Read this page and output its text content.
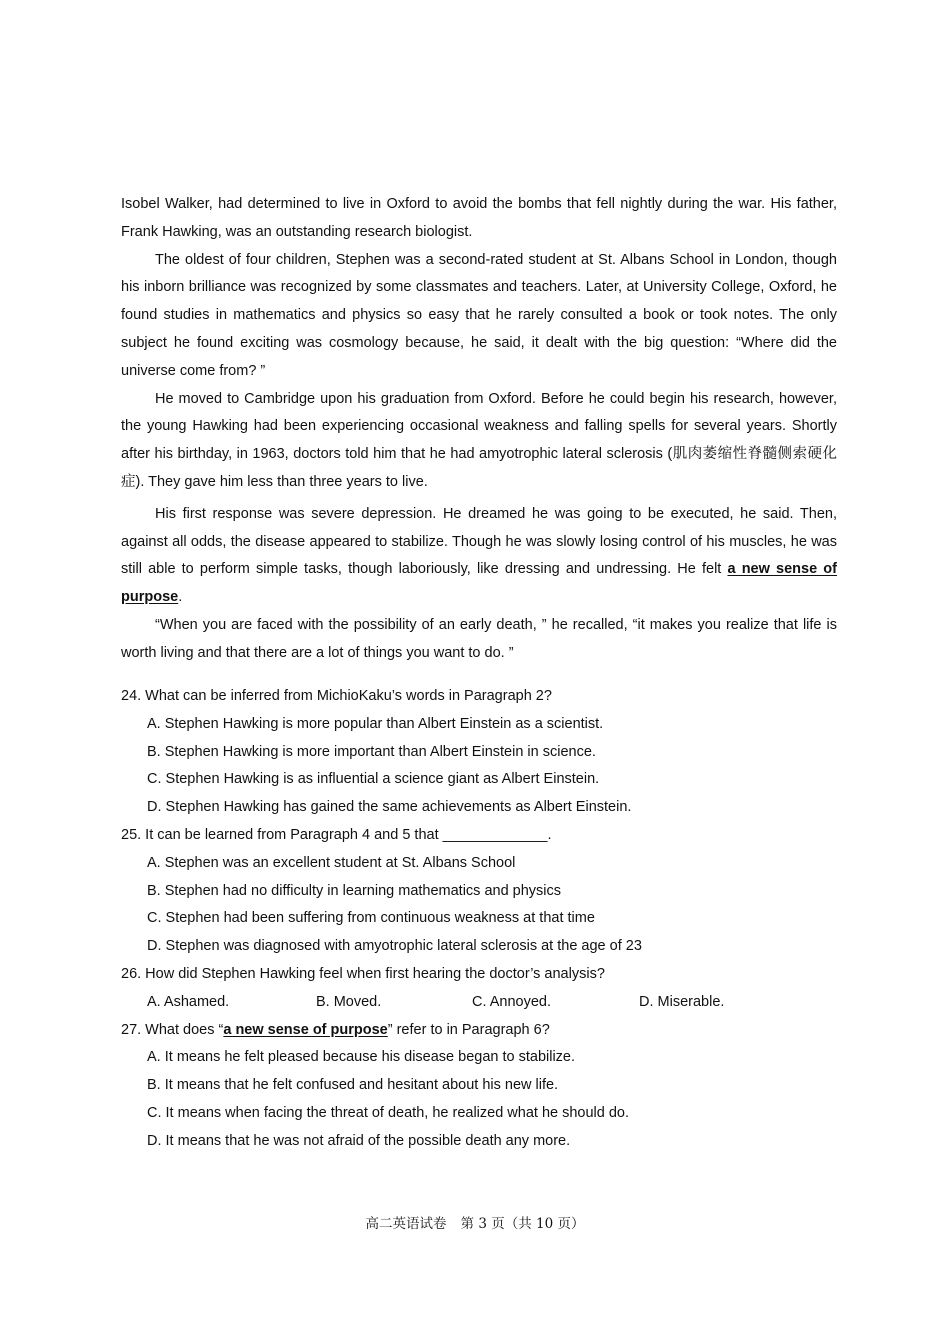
Isobel Walker, had determined to live in Oxford to avoid the bombs that fell nightly during the war. His father, Frank Hawking, was an outstanding research biologist.

The oldest of four children, Stephen was a second-rated student at St. Albans School in London, though his inborn brilliance was recognized by some classmates and teachers. Later, at University College, Oxford, he found studies in mathematics and physics so easy that he rarely consulted a book or took notes. The only subject he found exciting was cosmology because, he said, it dealt with the big question: “Where did the universe come from? ”

He moved to Cambridge upon his graduation from Oxford. Before he could begin his research, however, the young Hawking had been experiencing occasional weakness and falling spells for several years. Shortly after his birthday, in 1963, doctors told him that he had amyotrophic lateral sclerosis (肌肉萎缩性脊髓侧索硬化症). They gave him less than three years to live.

His first response was severe depression. He dreamed he was going to be executed, he said. Then, against all odds, the disease appeared to stabilize. Though he was slowly losing control of his muscles, he was still able to perform simple tasks, though laboriously, like dressing and undressing. He felt a new sense of purpose.

“When you are faced with the possibility of an early death, ” he recalled, “it makes you realize that life is worth living and that there are a lot of things you want to do. ”

24. What can be inferred from MichioKaku’s words in Paragraph 2?

A. Stephen Hawking is more popular than Albert Einstein as a scientist.

B. Stephen Hawking is more important than Albert Einstein in science.

C. Stephen Hawking is as influential a science giant as Albert Einstein.

D. Stephen Hawking has gained the same achievements as Albert Einstein.

25. It can be learned from Paragraph 4 and 5 that _____________.

A. Stephen was an excellent student at St. Albans School

B. Stephen had no difficulty in learning mathematics and physics

C. Stephen had been suffering from continuous weakness at that time

D. Stephen was diagnosed with amyotrophic lateral sclerosis at the age of 23

26. How did Stephen Hawking feel when first hearing the doctor’s analysis?

A. Ashamed.	B. Moved.	C. Annoyed.	D. Miserable.

27. What does “a new sense of purpose” refer to in Paragraph 6?

A. It means he felt pleased because his disease began to stabilize.

B. It means that he felt confused and hesitant about his new life.

C. It means when facing the threat of death, he realized what he should do.

D. It means that he was not afraid of the possible death any more.

高二英语试卷 第 3 页（共 10 页）
